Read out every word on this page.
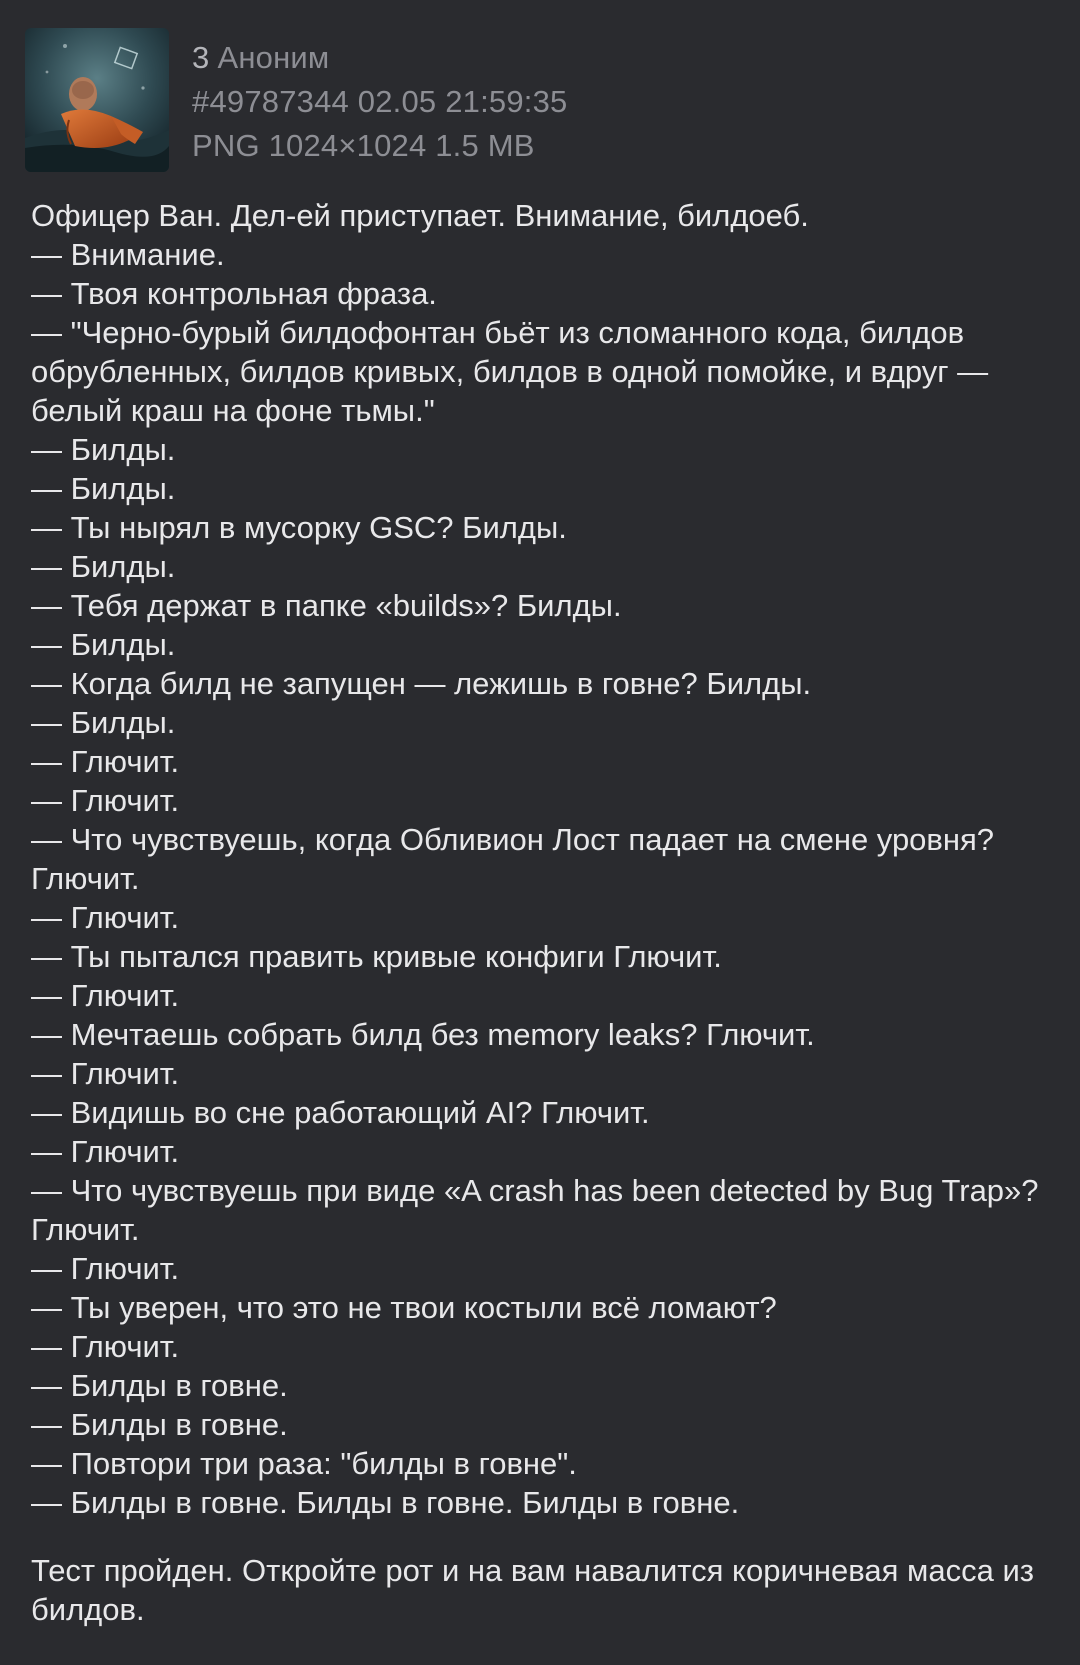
3 Аноним
#49787344 02.05 21:59:35
PNG 1024×1024 1.5 MB
Офицер Ван. Дел-ей приступает. Внимание, билдоеб.
— Внимание.
— Твоя контрольная фраза.
— "Черно-бурый билдофонтан бьёт из сломанного кода, билдов обрубленных, билдов кривых, билдов в одной помойке, и вдруг — белый краш на фоне тьмы."
— Билды.
— Билды.
— Ты нырял в мусорку GSC? Билды.
— Билды.
— Тебя держат в папке «builds»? Билды.
— Билды.
— Когда билд не запущен — лежишь в говне? Билды.
— Билды.
— Глючит.
— Глючит.
— Что чувствуешь, когда Обливион Лост падает на смене уровня? Глючит.
— Глючит.
— Ты пытался править кривые конфиги Глючит.
— Глючит.
— Мечтаешь собрать билд без memory leaks? Глючит.
— Глючит.
— Видишь во сне работающий AI? Глючит.
— Глючит.
— Что чувствуешь при виде «A crash has been detected by Bug Trap»? Глючит.
— Глючит.
— Ты уверен, что это не твои костыли всё ломают?
— Глючит.
— Билды в говне.
— Билды в говне.
— Повтори три раза: "билды в говне".
— Билды в говне. Билды в говне. Билды в говне.
Тест пройден. Откройте рот и на вам навалится коричневая масса из билдов.
